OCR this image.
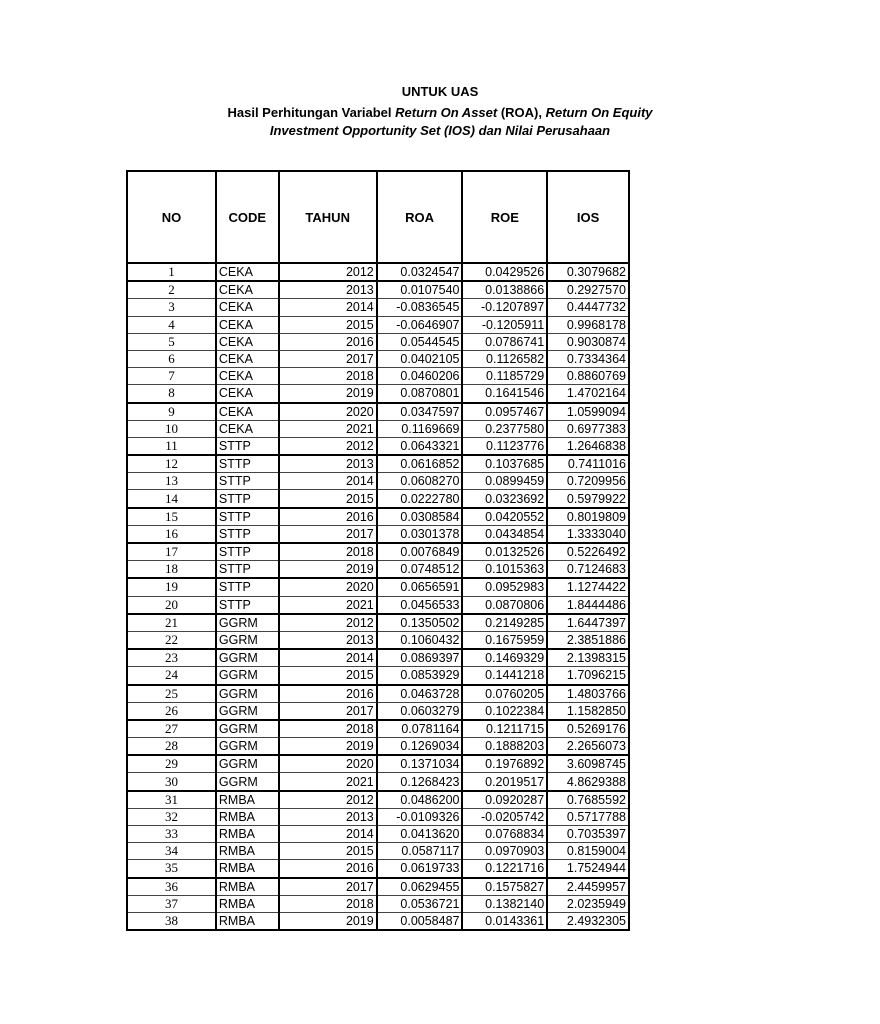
UNTUK UAS
Hasil Perhitungan Variabel Return On Asset (ROA), Return On Equity
Investment Opportunity Set (IOS) dan Nilai Perusahaan
NO	CODE	TAHUN	ROA	ROE	IOS
1	CEKA	2012	0.0324547	0.0429526	0.3079682
2	CEKA	2013	0.0107540	0.0138866	0.2927570
3	CEKA	2014	-0.0836545	-0.1207897	0.4447732
4	CEKA	2015	-0.0646907	-0.1205911	0.9968178
5	CEKA	2016	0.0544545	0.0786741	0.9030874
6	CEKA	2017	0.0402105	0.1126582	0.7334364
7	CEKA	2018	0.0460206	0.1185729	0.8860769
8	CEKA	2019	0.0870801	0.1641546	1.4702164
9	CEKA	2020	0.0347597	0.0957467	1.0599094
10	CEKA	2021	0.1169669	0.2377580	0.6977383
11	STTP	2012	0.0643321	0.1123776	1.2646838
12	STTP	2013	0.0616852	0.1037685	0.7411016
13	STTP	2014	0.0608270	0.0899459	0.7209956
14	STTP	2015	0.0222780	0.0323692	0.5979922
15	STTP	2016	0.0308584	0.0420552	0.8019809
16	STTP	2017	0.0301378	0.0434854	1.3333040
17	STTP	2018	0.0076849	0.0132526	0.5226492
18	STTP	2019	0.0748512	0.1015363	0.7124683
19	STTP	2020	0.0656591	0.0952983	1.1274422
20	STTP	2021	0.0456533	0.0870806	1.8444486
21	GGRM	2012	0.1350502	0.2149285	1.6447397
22	GGRM	2013	0.1060432	0.1675959	2.3851886
23	GGRM	2014	0.0869397	0.1469329	2.1398315
24	GGRM	2015	0.0853929	0.1441218	1.7096215
25	GGRM	2016	0.0463728	0.0760205	1.4803766
26	GGRM	2017	0.0603279	0.1022384	1.1582850
27	GGRM	2018	0.0781164	0.1211715	0.5269176
28	GGRM	2019	0.1269034	0.1888203	2.2656073
29	GGRM	2020	0.1371034	0.1976892	3.6098745
30	GGRM	2021	0.1268423	0.2019517	4.8629388
31	RMBA	2012	0.0486200	0.0920287	0.7685592
32	RMBA	2013	-0.0109326	-0.0205742	0.5717788
33	RMBA	2014	0.0413620	0.0768834	0.7035397
34	RMBA	2015	0.0587117	0.0970903	0.8159004
35	RMBA	2016	0.0619733	0.1221716	1.7524944
36	RMBA	2017	0.0629455	0.1575827	2.4459957
37	RMBA	2018	0.0536721	0.1382140	2.0235949
38	RMBA	2019	0.0058487	0.0143361	2.4932305
